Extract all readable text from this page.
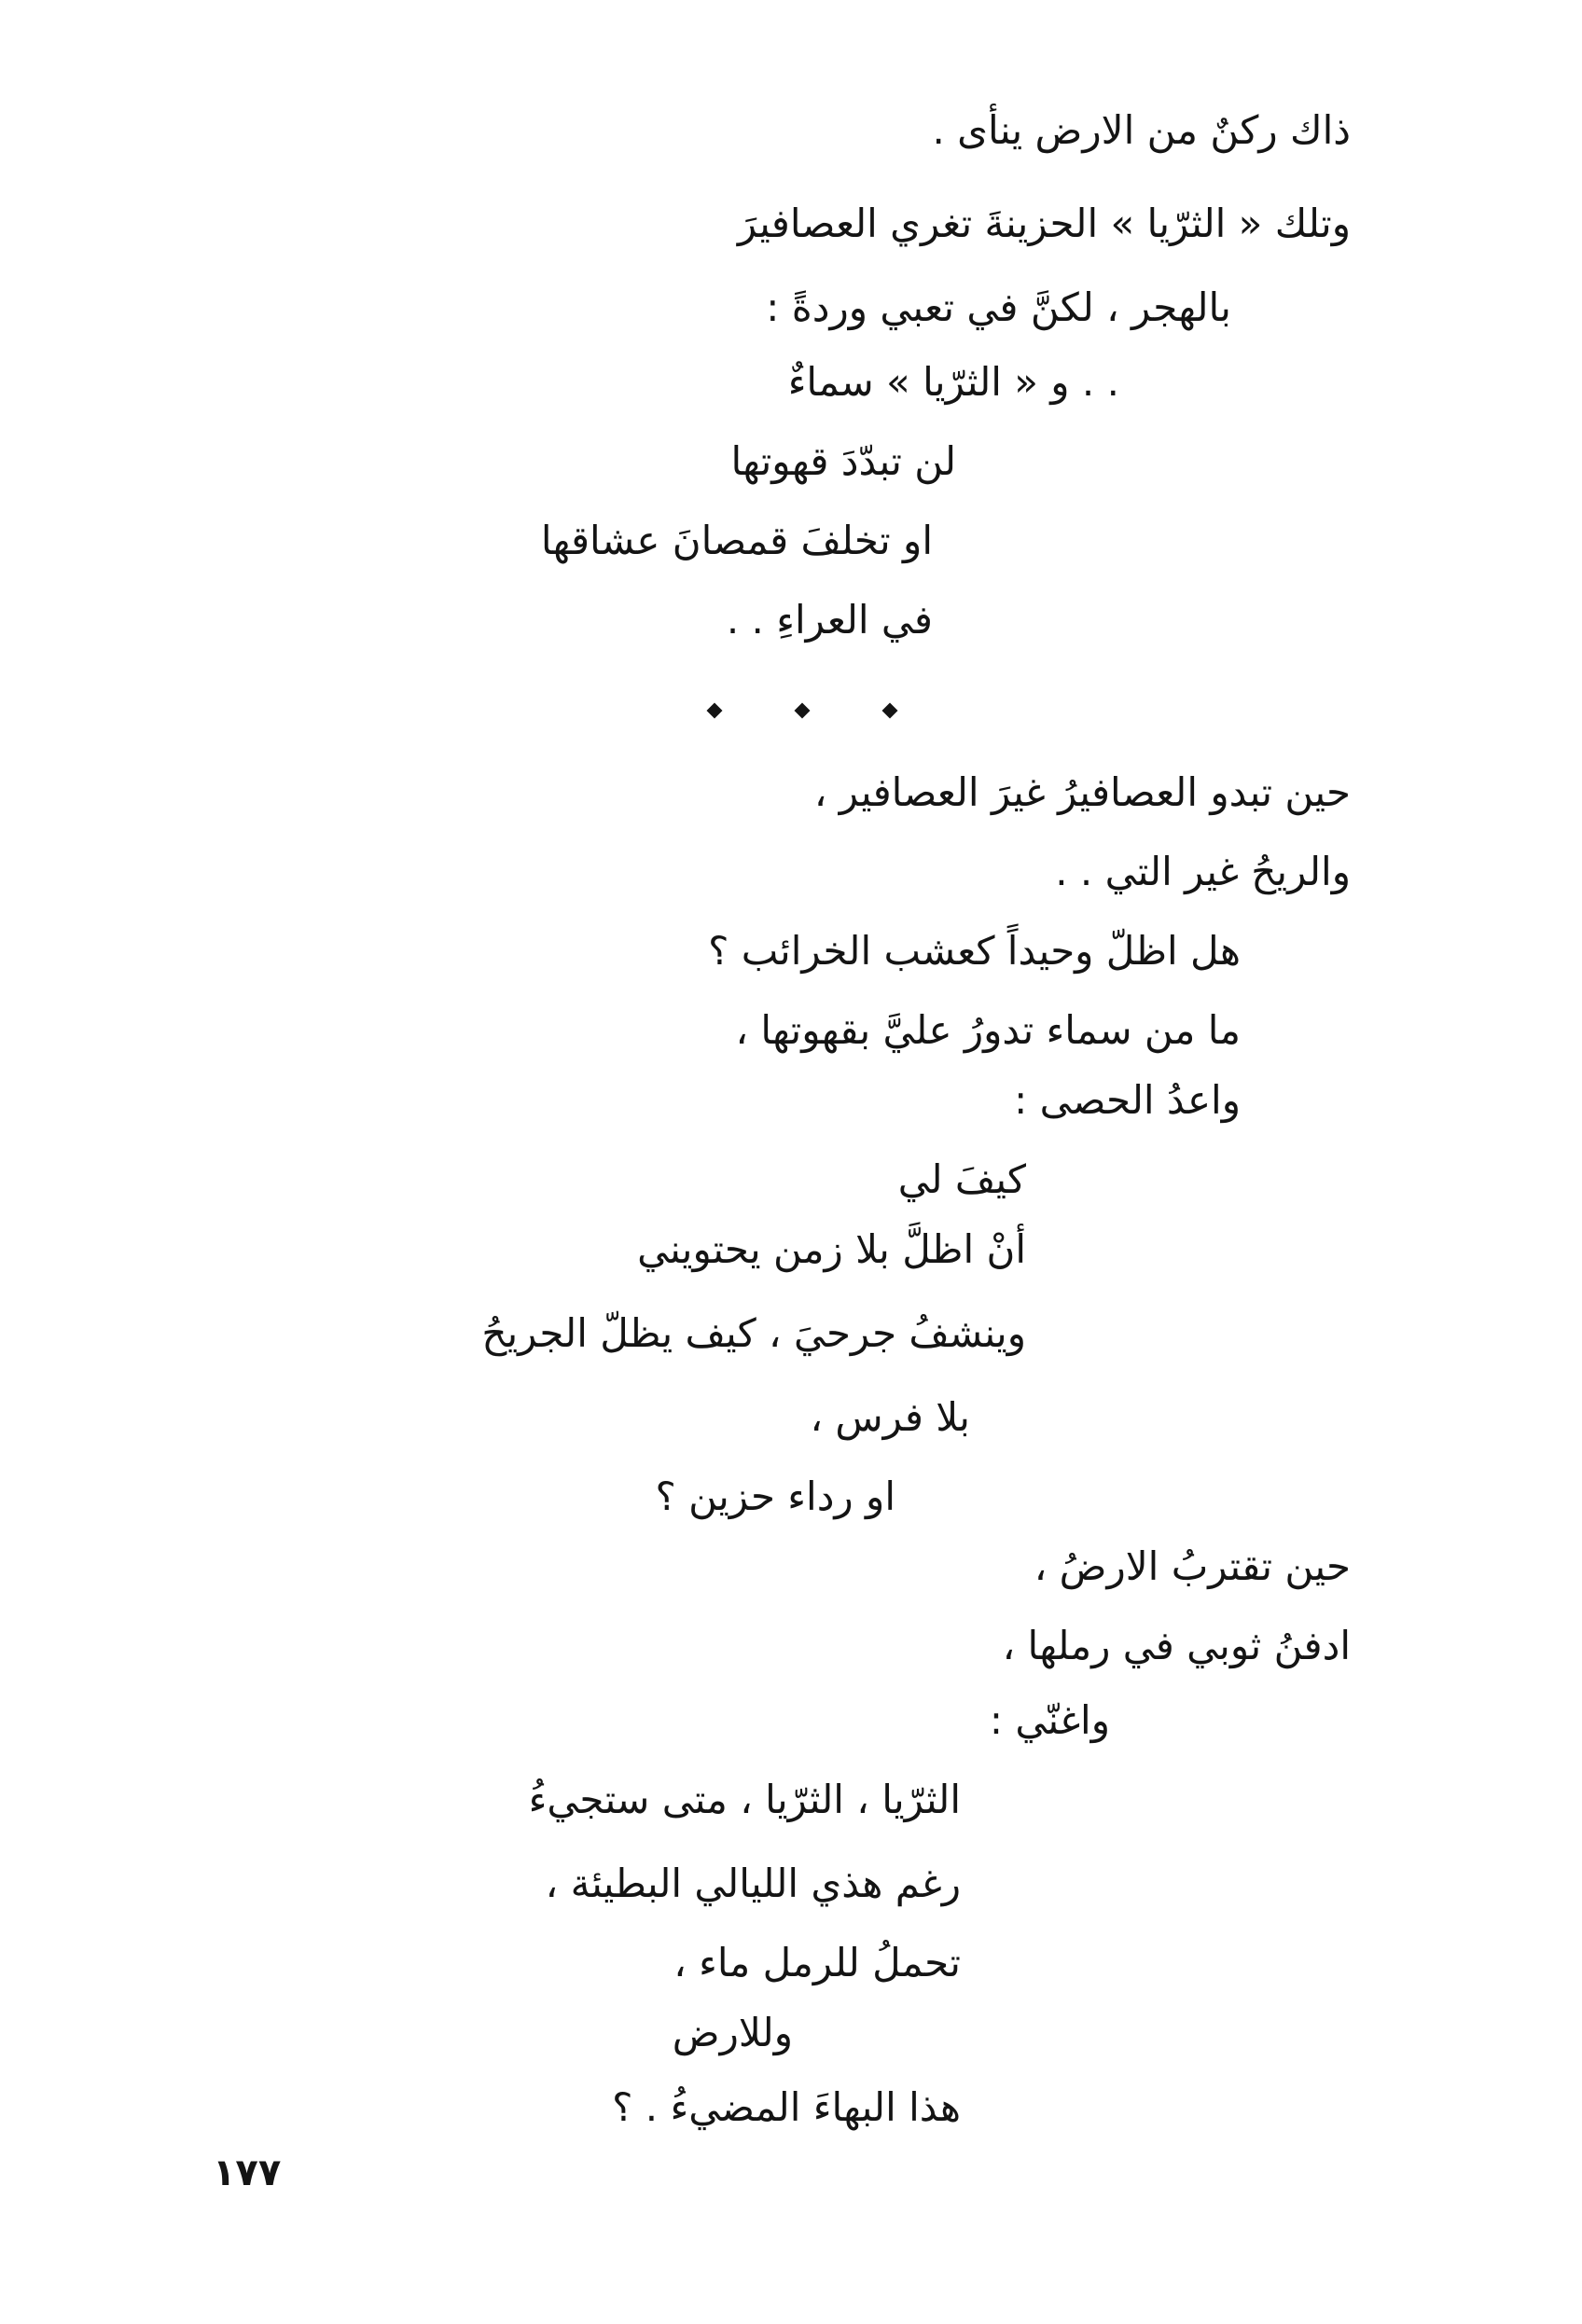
ذاك ركنٌ من الارض ينأى .
وتلك « الثرّيا » الحزينةَ تغري العصافيرَ
بالهجر ، لكنَّ في تعبي وردةً :
. . و « الثرّيا » سماءٌ
لن تبدّدَ قهوتها
او تخلفَ قمصانَ عشاقها
في العراءِ . .
حين تبدو العصافيرُ غيرَ العصافير ،
والريحُ غير التي . .
هل اظلّ وحيداً كعشب الخرائب ؟
ما من سماء تدورُ عليَّ بقهوتها ،
واعدُ الحصى :
كيفَ لي
أنْ اظلَّ بلا زمن يحتويني
وينشفُ جرحيَ ، كيف يظلّ الجريحُ
بلا فرس ،
او رداء حزين ؟
حين تقتربُ الارضُ ،
ادفنُ ثوبي في رملها ،
واغنّي :
الثرّيا ، الثرّيا ، متى ستجيءُ
رغم هذي الليالي البطيئة ،
تحملُ للرمل ماء ،
وللارض
هذا البهاءَ المضيءُ . ؟
١٧٧
